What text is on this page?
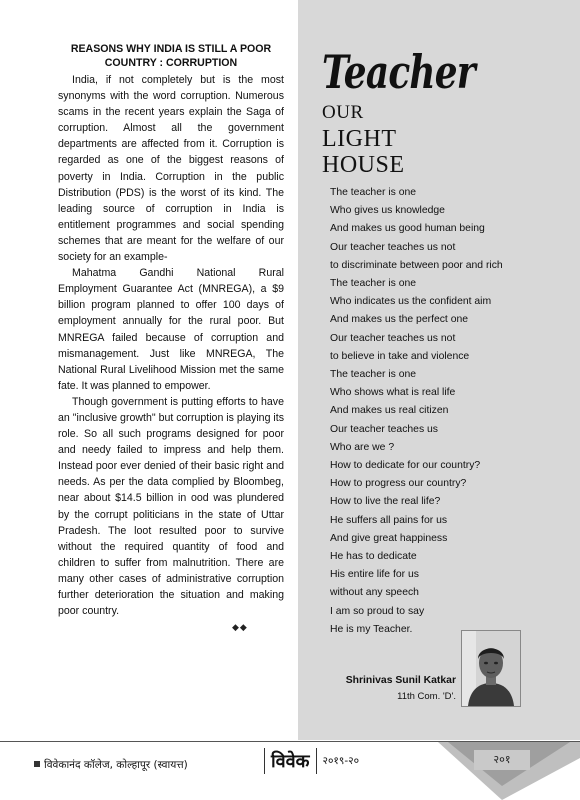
REASONS WHY INDIA IS STILL A POOR
COUNTRY : CORRUPTION

India, if not completely but is the most synonyms with the word corruption. Numerous scams in the recent years explain the Saga of corruption. Almost all the government departments are affected from it. Corruption is regarded as one of the biggest reasons of poverty in India. Corruption in the public Distribution (PDS) is the worst of its kind. The leading source of corruption in India is entitlement programmes and social spending schemes that are meant for the welfare of our society for an example-

Mahatma Gandhi National Rural Employment Guarantee Act (MNREGA), a $9 billion program planned to offer 100 days of employment annually for the rural poor. But MNREGA failed because of corruption and mismanagement. Just like MNREGA, The National Rural Livelihood Mission met the same fate. It was planned to empower.

Though government is putting efforts to have an "inclusive growth" but corruption is playing its role. So all such programs designed for poor and needy failed to impress and help them. Instead poor ever denied of their basic right and needs. As per the data complied by Bloombeg, near about $14.5 billion in ood was plundered by the corrupt politicians in the state of Uttar Pradesh. The loot resulted poor to survive without the required quantity of food and children to suffer from malnutrition. There are many other cases of administrative corruption further deterioration the situation and making poor country.

◆◆
Teacher
OUR
LIGHT
HOUSE
The teacher is one
Who gives us knowledge
And makes us good human being
Our teacher teaches us not
to discriminate between poor and rich
The teacher is one
Who indicates us the confident aim
And makes us the perfect one
Our teacher teaches us not
to believe in take and violence
The teacher is one
Who shows what is real life
And makes us real citizen
Our teacher teaches us
Who are we ?
How to dedicate for our country?
How to progress our country?
How to live the real life?
He suffers all pains for us
And give great happiness
He has to dedicate
His entire life for us
without any speech
I am so proud to say
He is my Teacher.
Shrinivas Sunil Katkar
11th Com. 'D'.
विवेकानंद कॉलेज, कोल्हापूर (स्वायत्त)	विवेक २०१९-२०	२०१
